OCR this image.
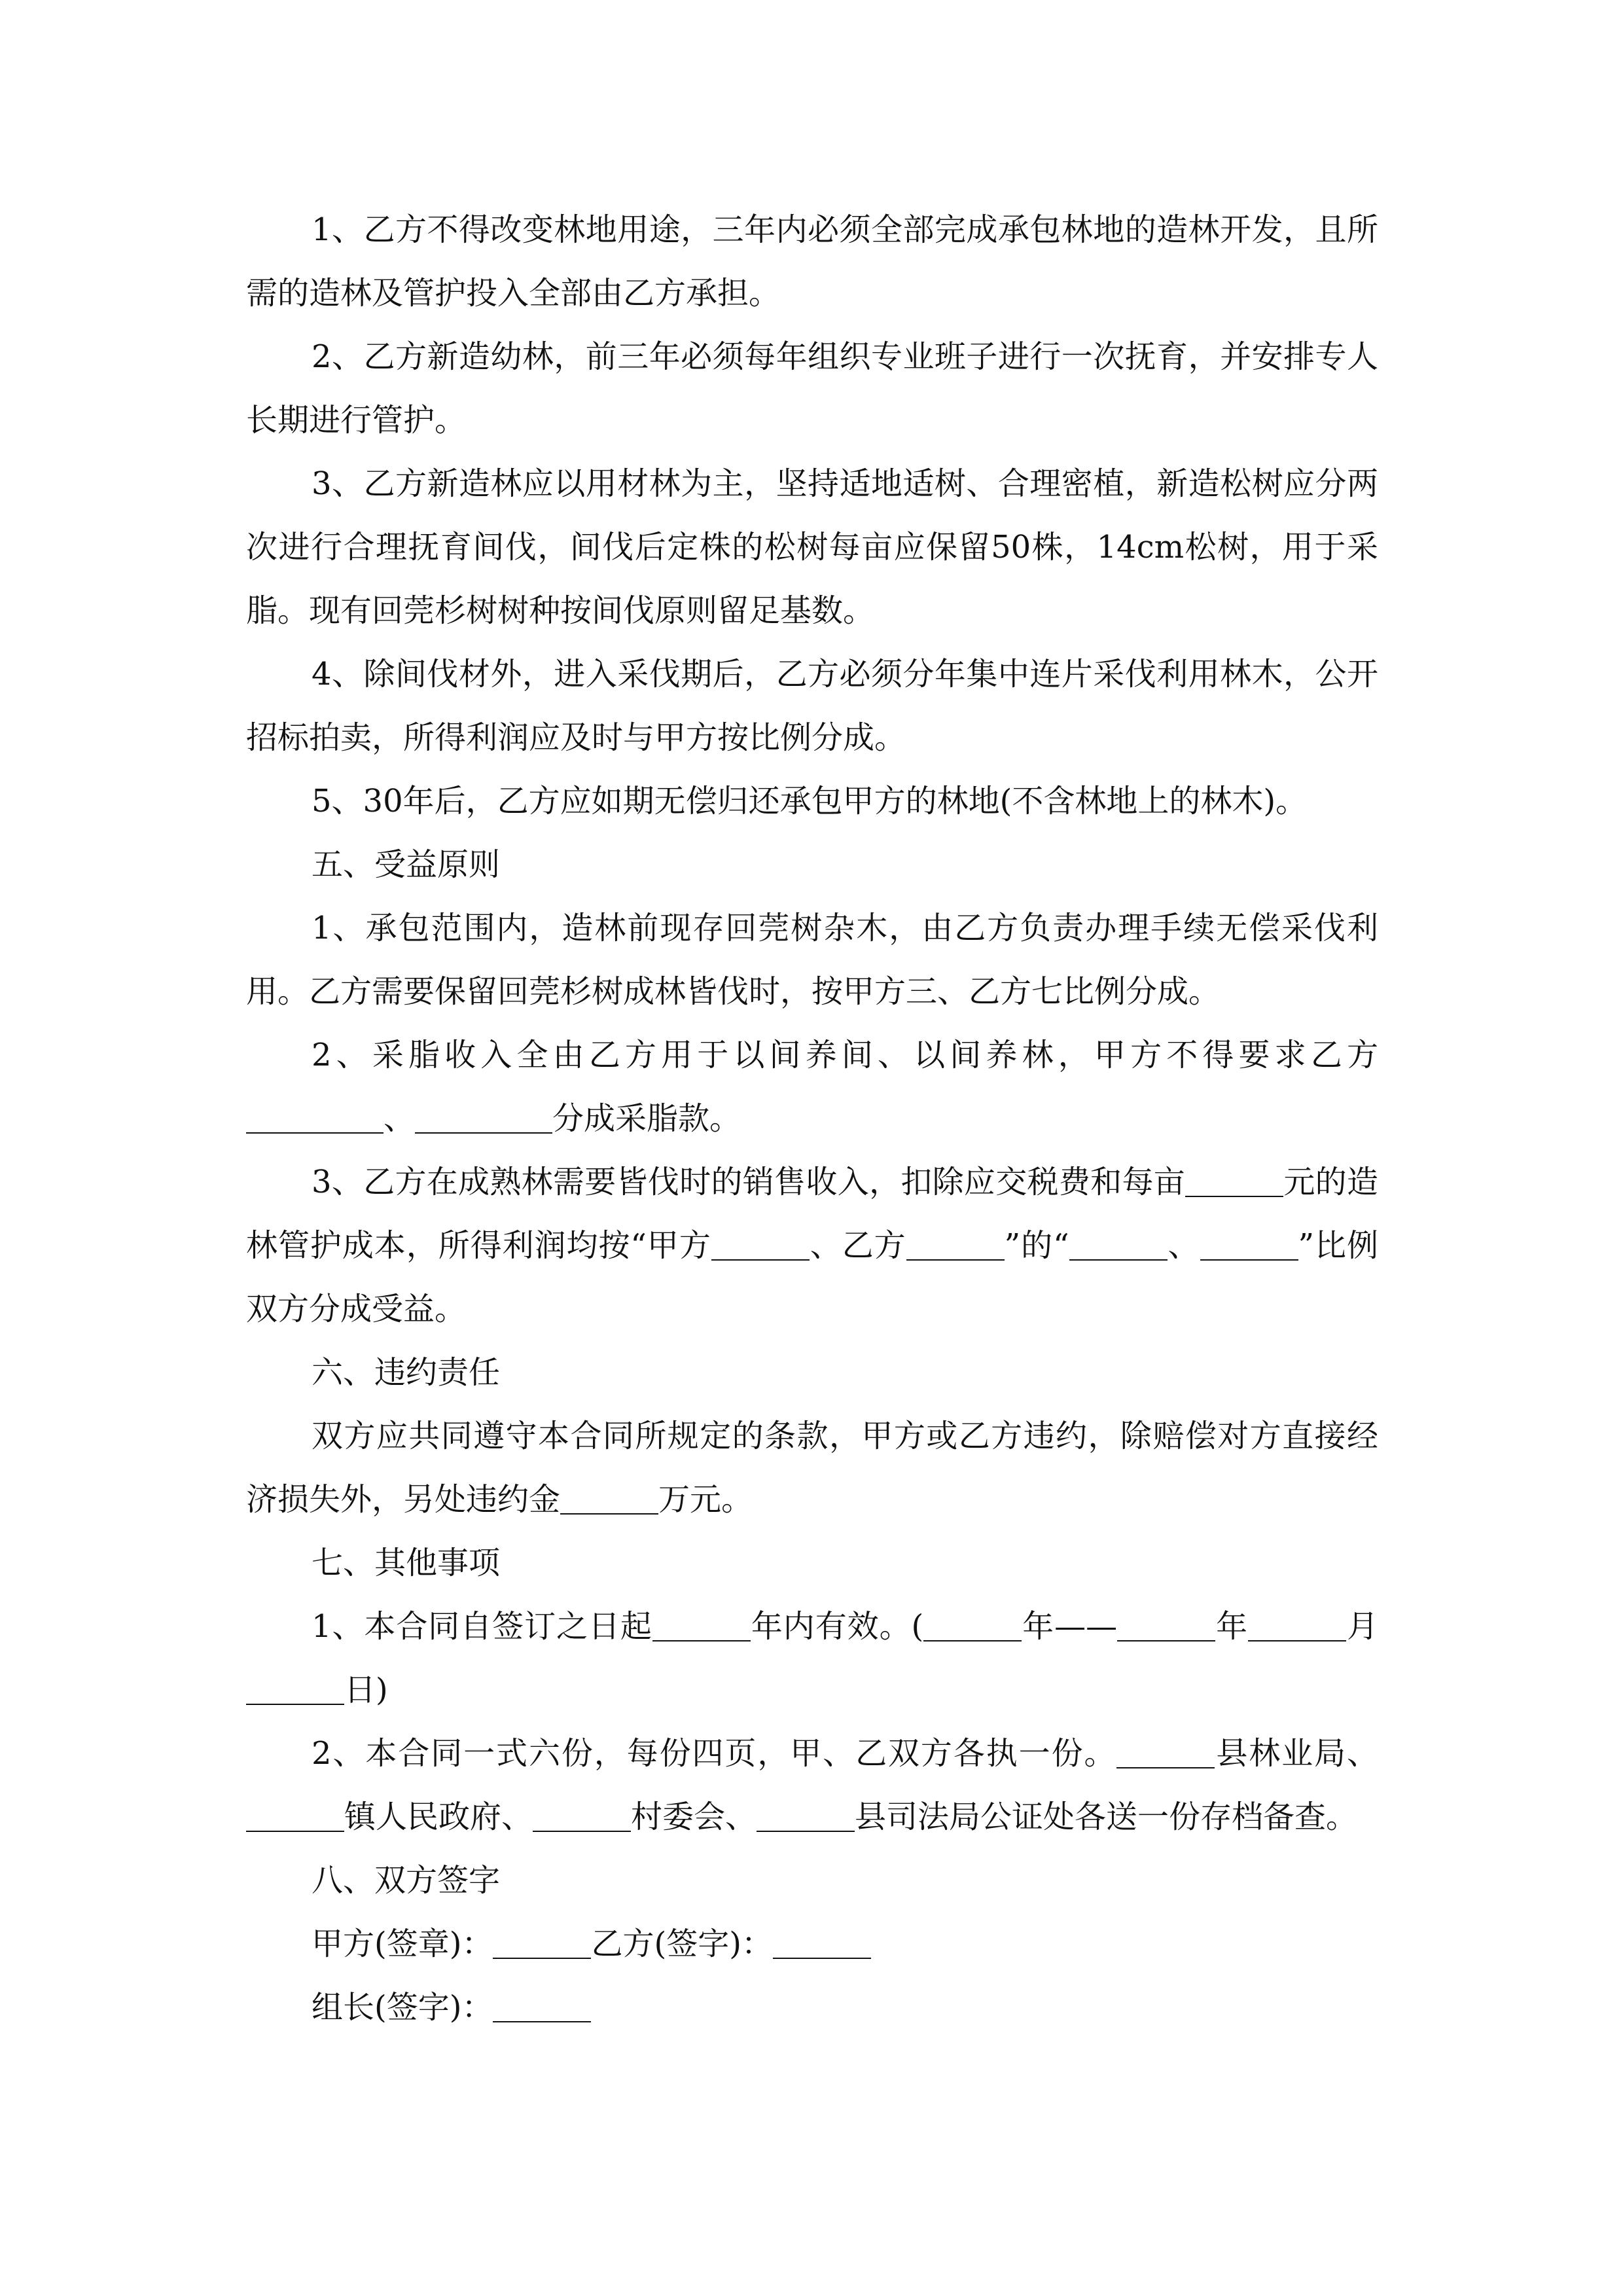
1、乙方不得改变林地用途，三年内必须全部完成承包林地的造林开发，且所需的造林及管护投入全部由乙方承担。
2、乙方新造幼林，前三年必须每年组织专业班子进行一次抚育，并安排专人长期进行管护。
3、乙方新造林应以用材林为主，坚持适地适树、合理密植，新造松树应分两次进行合理抚育间伐，间伐后定株的松树每亩应保留50株，14cm松树，用于采脂。现有回莞杉树树种按间伐原则留足基数。
4、除间伐材外，进入采伐期后，乙方必须分年集中连片采伐利用林木，公开招标拍卖，所得利润应及时与甲方按比例分成。
5、30年后，乙方应如期无偿归还承包甲方的林地(不含林地上的林木)。
五、受益原则
1、承包范围内，造林前现存回莞树杂木，由乙方负责办理手续无偿采伐利用。乙方需要保留回莞杉树成林皆伐时，按甲方三、乙方七比例分成。
2、采脂收入全由乙方用于以间养间、以间养林，甲方不得要求乙方、	分成采脂款。
3、乙方在成熟林需要皆伐时的销售收入，扣除应交税费和每亩	元的造林管护成本，所得利润均按“甲方	、乙方	”的“	、	”比例双方分成受益。
六、违约责任
双方应共同遵守本合同所规定的条款，甲方或乙方违约，除赔偿对方直接经济损失外，另处违约金	万元。
七、其他事项
1、本合同自签订之日起	年内有效。(	年——	年	月日)
2、本合同一式六份，每份四页，甲、乙双方各执一份。	县林业局、镇人民政府、	村委会、	县司法局公证处各送一份存档备查。
八、双方签字
甲方(签章)：	乙方(签字)：
组长(签字)：
